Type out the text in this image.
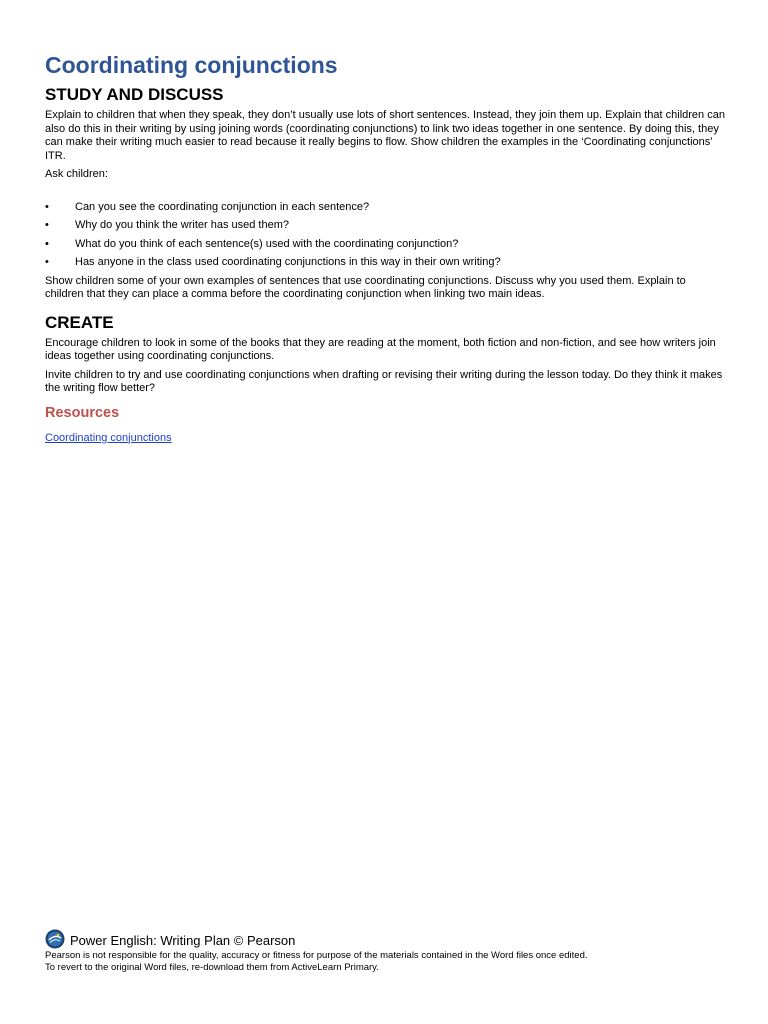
Coordinating conjunctions
STUDY AND DISCUSS

Explain to children that when they speak, they don’t usually use lots of short sentences. Instead, they join them up. Explain that children can also do this in their writing by using joining words (coordinating conjunctions) to link two ideas together in one sentence. By doing this, they can make their writing much easier to read because it really begins to flow. Show children the examples in the ‘Coordinating conjunctions’ ITR.

Ask children:

• Can you see the coordinating conjunction in each sentence?
• Why do you think the writer has used them?
• What do you think of each sentence(s) used with the coordinating conjunction?
• Has anyone in the class used coordinating conjunctions in this way in their own writing?

Show children some of your own examples of sentences that use coordinating conjunctions. Discuss why you used them. Explain to children that they can place a comma before the coordinating conjunction when linking two main ideas.

CREATE

Encourage children to look in some of the books that they are reading at the moment, both fiction and non-fiction, and see how writers join ideas together using coordinating conjunctions.

Invite children to try and use coordinating conjunctions when drafting or revising their writing during the lesson today. Do they think it makes the writing flow better?

Resources
Coordinating conjunctions
Power English: Writing Plan © Pearson

Pearson is not responsible for the quality, accuracy or fitness for purpose of the materials contained in the Word files once edited.

To revert to the original Word files, re-download them from ActiveLearn Primary.
